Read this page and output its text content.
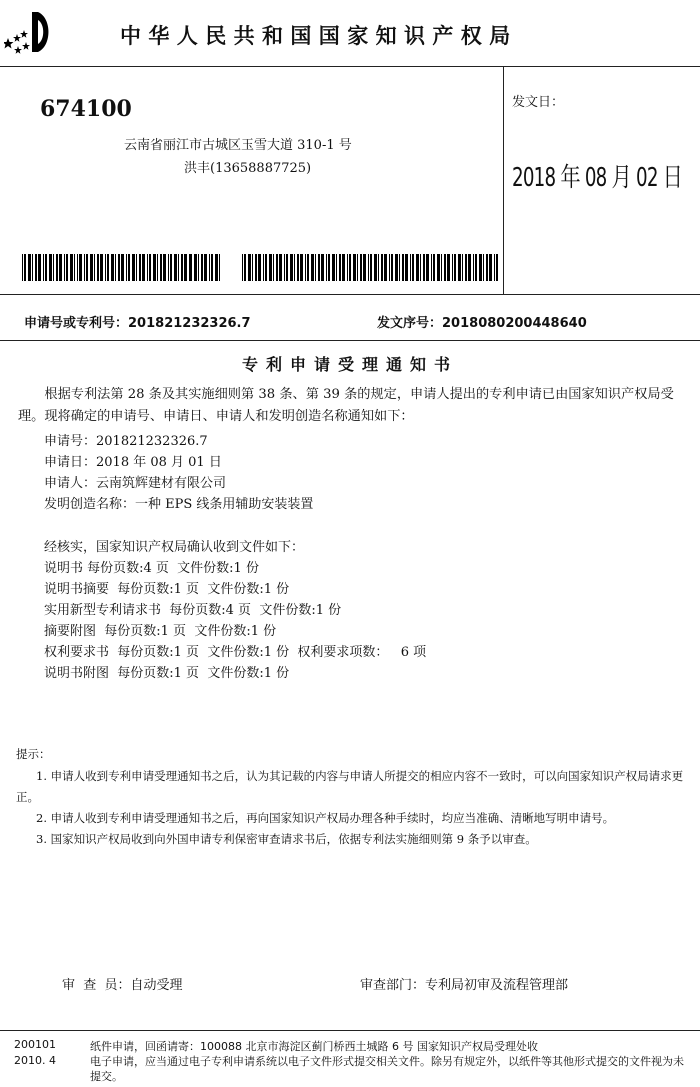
中华人民共和国国家知识产权局
674100
云南省丽江市古城区玉雪大道 310-1 号
洪丰(13658887725)
发文日：
2018 年 08 月 02 日
申请号或专利号：201821232326.7	发文序号：2018080200448640
专利申请受理通知书

根据专利法第 28 条及其实施细则第 38 条、第 39 条的规定，申请人提出的专利申请已由国家知识产权局受理。现将确定的申请号、申请日、申请人和发明创造名称通知如下：

申请号：201821232326.7
申请日：2018 年 08 月 01 日
申请人：云南筑辉建材有限公司
发明创造名称：一种 EPS 线条用辅助安装装置
经核实，国家知识产权局确认收到文件如下：
说明书 每份页数:4 页  文件份数:1 份
说明书摘要  每份页数:1 页  文件份数:1 份
实用新型专利请求书  每份页数:4 页  文件份数:1 份
摘要附图  每份页数:1 页  文件份数:1 份
权利要求书  每份页数:1 页  文件份数:1 份  权利要求项数：   6 项
说明书附图  每份页数:1 页  文件份数:1 份
提示：

1. 申请人收到专利申请受理通知书之后，认为其记载的内容与申请人所提交的相应内容不一致时，可以向国家知识产权局请求更正。

2. 申请人收到专利申请受理通知书之后，再向国家知识产权局办理各种手续时，均应当准确、清晰地写明申请号。

3. 国家知识产权局收到向外国申请专利保密审查请求书后，依据专利法实施细则第 9 条予以审查。

审  查  员：自动受理	审查部门：专利局初审及流程管理部
200101
2010. 4
纸件申请，回函请寄：100088 北京市海淀区蓟门桥西土城路 6 号 国家知识产权局受理处收
电子申请，应当通过电子专利申请系统以电子文件形式提交相关文件。除另有规定外，以纸件等其他形式提交的文件视为未提交。
